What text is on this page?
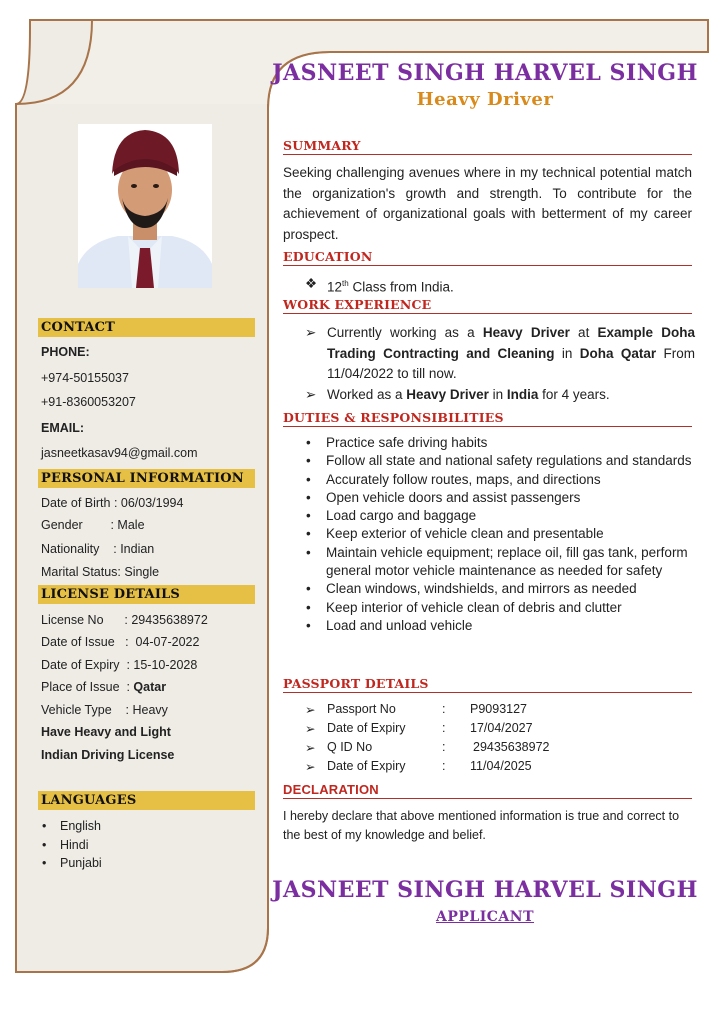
CONTACT
PHONE:
+974-50155037
+91-8360053207
EMAIL:
jasneetkasav94@gmail.com
PERSONAL INFORMATION
Date of Birth : 06/03/1994
Gender        : Male
Nationality    : Indian
Marital Status: Single
LICENSE DETAILS
License No      : 29435638972
Date of Issue   :  04-07-2022
Date of Expiry  : 15-10-2028
Place of Issue  : Qatar
Vehicle Type    : Heavy
Have Heavy and Light
Indian Driving License
LANGUAGES
• English
• Hindi
• Punjabi
JASNEET SINGH HARVEL SINGH
Heavy Driver
SUMMARY
Seeking challenging avenues where in my technical potential match the organization's growth and strength. To contribute for the achievement of organizational goals with betterment of my career prospect.
EDUCATION
❖ 12th Class from India.
WORK EXPERIENCE
➢ Currently working as a Heavy Driver at Example Doha Trading Contracting and Cleaning in Doha Qatar From 11/04/2022 to till now.
➢ Worked as a Heavy Driver in India for 4 years.
DUTIES & RESPONSIBILITIES
• Practice safe driving habits
• Follow all state and national safety regulations and standards
• Accurately follow routes, maps, and directions
• Open vehicle doors and assist passengers
• Load cargo and baggage
• Keep exterior of vehicle clean and presentable
• Maintain vehicle equipment; replace oil, fill gas tank, perform general motor vehicle maintenance as needed for safety
• Clean windows, windshields, and mirrors as needed
• Keep interior of vehicle clean of debris and clutter
• Load and unload vehicle
PASSPORT DETAILS
➢ Passport No	: P9093127
➢ Date of Expiry	: 17/04/2027
➢ Q ID No	: 29435638972
➢ Date of Expiry	: 11/04/2025
DECLARATION
I hereby declare that above mentioned information is true and correct to the best of my knowledge and belief.
JASNEET SINGH HARVEL SINGH
APPLICANT
